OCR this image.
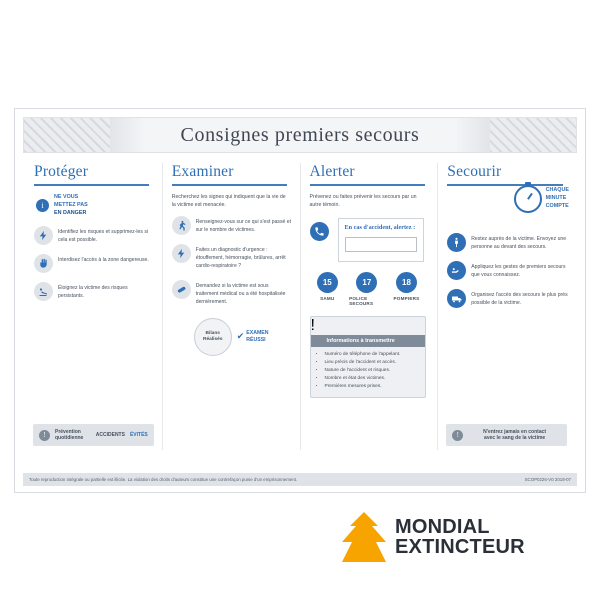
Consignes premiers secours
Protéger
i
NE VOUS
METTEZ PAS
EN DANGER
Identifiez les risques et supprimez-les si cela est possible.
Interdisez l'accès à la zone dangereuse.
Éloignez la victime des risques persistants.
!	Prévention quotidienne
ACCIDENTS ÉVITÉS
Examiner
Recherchez les signes qui indiquent que la vie de la victime est menacée.
Renseignez-vous sur ce qui s'est passé et sur le nombre de victimes.
Faites un diagnostic d'urgence : étouffement, hémorragie, brûlures, arrêt cardio-respiratoire ?
Demandez si la victime est sous traitement médical ou a été hospitalisée dernièrement.
Bilans
Réalisés ✔ EXAMEN
RÉUSSI
Alerter
Prévenez ou faites prévenir les secours par un autre témoin.
En cas d'accident, alertez :
15
SAMU
17
POLICE SECOURS
18
POMPIERS
!
Informations à transmettre
• Numéro de téléphone de l'appelant.
• Lieu précis de l'accident et accès.
• Nature de l'accident et risques.
• Nombre et état des victimes.
• Premières mesures prises.
Secourir
CHAQUE
MINUTE
COMPTE
Restez auprès de la victime. Envoyez une personne au devant des secours.
Appliquez les gestes de premiers secours que vous connaissez.
Organisez l'accès des secours le plus près possible de la victime.
!	N'entrez jamais en contact
avec le sang de la victime
Toute reproduction intégrale ou partielle est illicite. La violation des droits d'auteurs constitue une contrefaçon punie d'un emprisonnement.	SCOP0226-V0 2018-07
MONDIAL
EXTINCTEUR
